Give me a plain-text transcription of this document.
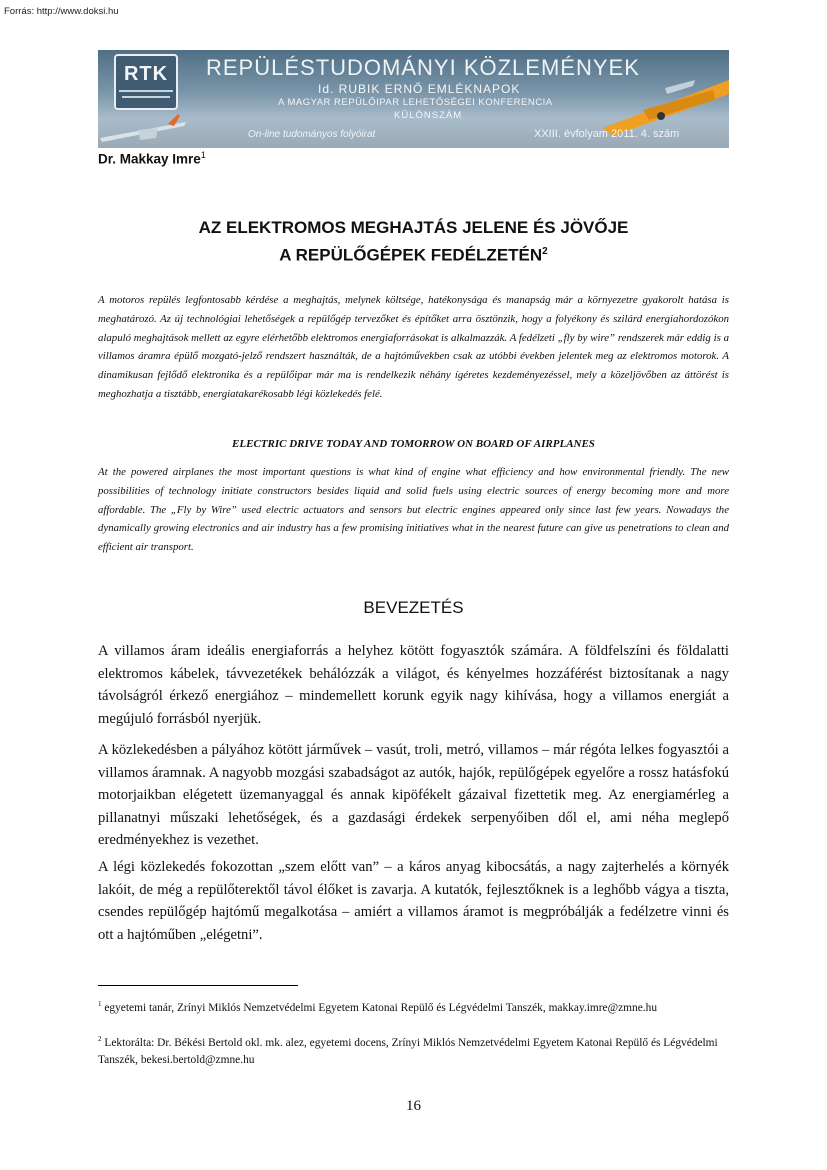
Forrás: http://www.doksi.hu
RTK	REPÜLÉSTUDOMÁNYI KÖZLEMÉNYEK
Id. RUBIK ERNŐ EMLÉKNAPOK
A MAGYAR REPÜLŐIPAR LEHETŐSÉGEI KONFERENCIA
KÜLÖNSZÁM
On-line tudományos folyóirat	XXIII. évfolyam 2011. 4. szám
Dr. Makkay Imre$^1$
AZ ELEKTROMOS MEGHAJTÁS JELENE ÉS JÖVŐJE
A REPÜLŐGÉPEK FEDÉLZETÉN$^2$

A motoros repülés legfontosabb kérdése a meghajtás, melynek költsége, hatékonysága és manapság már a környezetre gyakorolt hatása is meghatározó. Az új technológiai lehetőségek a repülőgép tervezőket és építőket arra ösztönzik, hogy a folyékony és szilárd energiahordozókon alapuló meghajtások mellett az egyre elérhetőbb elektromos energiaforrásokat is alkalmazzák. A fedélzeti „fly by wire” rendszerek már eddig is a villamos áramra épülő mozgató-jelző rendszert használták, de a hajtóművekben csak az utóbbi években jelentek meg az elektromos motorok. A dinamikusan fejlődő elektronika és a repülőipar már ma is rendelkezik néhány ígéretes kezdeményezéssel, mely a közeljövőben az áttörést is meghozhatja a tisztább, energiatakarékosabb légi közlekedés felé.

ELECTRIC DRIVE TODAY AND TOMORROW ON BOARD OF AIRPLANES

At the powered airplanes the most important questions is what kind of engine what efficiency and how environmental friendly. The new possibilities of technology initiate constructors besides liquid and solid fuels using electric sources of energy becoming more and more affordable. The „Fly by Wire” used electric actuators and sensors but electric engines appeared only since last few years. Nowadays the dynamically growing electronics and air industry has a few promising initiatives what in the nearest future can give us penetrations to clean and efficient air transport.

BEVEZETÉS

A villamos áram ideális energiaforrás a helyhez kötött fogyasztók számára. A földfelszíni és földalatti elektromos kábelek, távvezetékek behálózzák a világot, és kényelmes hozzáférést biztosítanak a nagy távolságról érkező energiához – mindemellett korunk egyik nagy kihívása, hogy a villamos energiát a megújuló forrásból nyerjük.

A közlekedésben a pályához kötött járművek – vasút, troli, metró, villamos – már régóta lelkes fogyasztói a villamos áramnak. A nagyobb mozgási szabadságot az autók, hajók, repülőgépek egyelőre a rossz hatásfokú motorjaikban elégetett üzemanyaggal és annak kipöfékelt gázaival fizettetik meg. Az energiamérleg a pillanatnyi műszaki lehetőségek, és a gazdasági érdekek serpenyőiben dől el, ami néha meglepő eredményekhez is vezethet.

A légi közlekedés fokozottan „szem előtt van” – a káros anyag kibocsátás, a nagy zajterhelés a környék lakóit, de még a repülőterektől távol élőket is zavarja. A kutatók, fejlesztőknek is a leghőbb vágya a tiszta, csendes repülőgép hajtómű megalkotása – amiért a villamos áramot is megpróbálják a fedélzetre vinni és ott a hajtóműben „elégetni”.

$^1$ egyetemi tanár, Zrínyi Miklós Nemzetvédelmi Egyetem Katonai Repülő és Légvédelmi Tanszék, makkay.imre@zmne.hu

$^2$ Lektorálta: Dr. Békési Bertold okl. mk. alez, egyetemi docens, Zrínyi Miklós Nemzetvédelmi Egyetem Katonai Repülő és Légvédelmi Tanszék, bekesi.bertold@zmne.hu

16
